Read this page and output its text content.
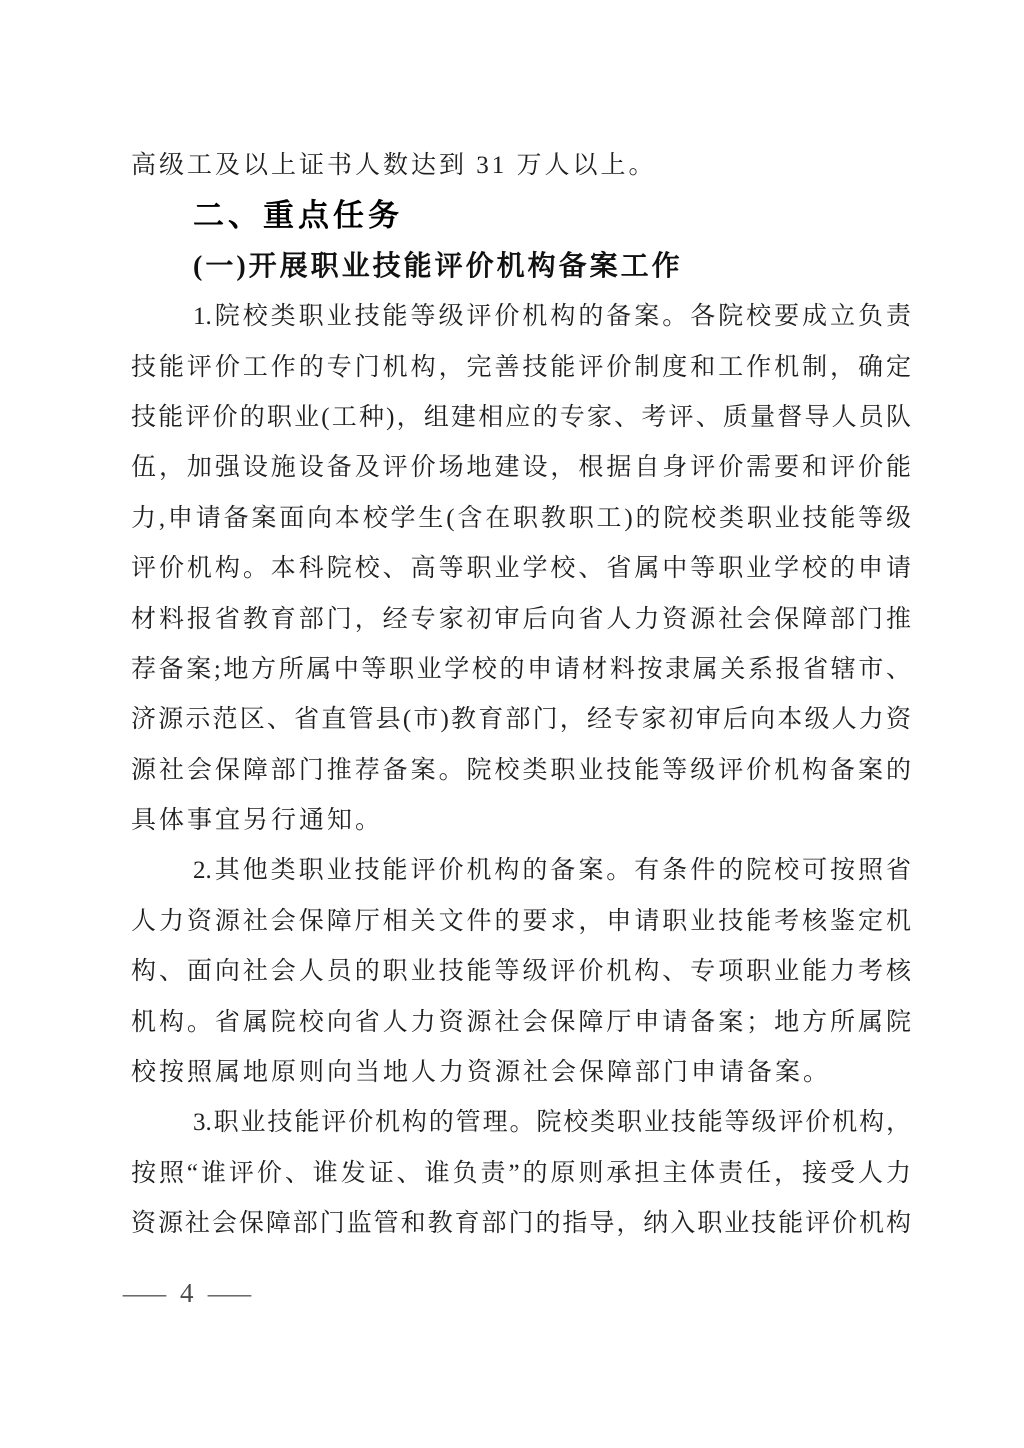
高级工及以上证书人数达到 31 万人以上。
二、重点任务
(一)开展职业技能评价机构备案工作
1.院校类职业技能等级评价机构的备案。各院校要成立负责
技能评价工作的专门机构，完善技能评价制度和工作机制，确定
技能评价的职业(工种)，组建相应的专家、考评、质量督导人员队
伍，加强设施设备及评价场地建设，根据自身评价需要和评价能
力,申请备案面向本校学生(含在职教职工)的院校类职业技能等级
评价机构。本科院校、高等职业学校、省属中等职业学校的申请
材料报省教育部门，经专家初审后向省人力资源社会保障部门推
荐备案;地方所属中等职业学校的申请材料按隶属关系报省辖市、
济源示范区、省直管县(市)教育部门，经专家初审后向本级人力资
源社会保障部门推荐备案。院校类职业技能等级评价机构备案的
具体事宜另行通知。
2.其他类职业技能评价机构的备案。有条件的院校可按照省
人力资源社会保障厅相关文件的要求，申请职业技能考核鉴定机
构、面向社会人员的职业技能等级评价机构、专项职业能力考核
机构。省属院校向省人力资源社会保障厅申请备案；地方所属院
校按照属地原则向当地人力资源社会保障部门申请备案。
3.职业技能评价机构的管理。院校类职业技能等级评价机构，
按照“谁评价、谁发证、谁负责”的原则承担主体责任，接受人力
资源社会保障部门监管和教育部门的指导，纳入职业技能评价机构
— 4 —
